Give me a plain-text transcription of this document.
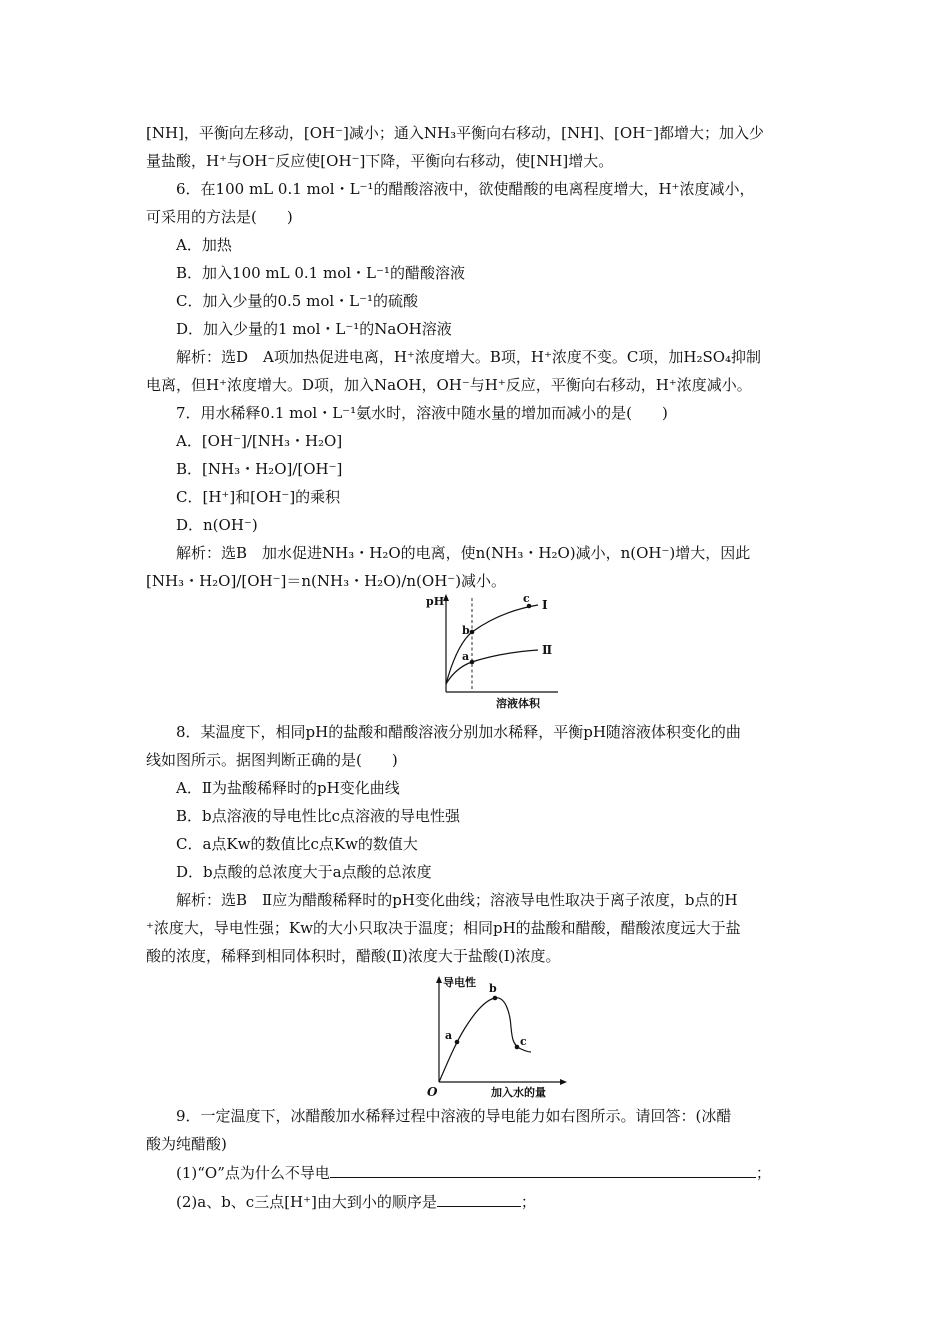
[NH]，平衡向左移动，[OH⁻]减小；通入NH₃平衡向右移动，[NH]、[OH⁻]都增大；加入少
量盐酸，H⁺与OH⁻反应使[OH⁻]下降，平衡向右移动，使[NH]增大。
6．在100 mL 0.1 mol・L⁻¹的醋酸溶液中，欲使醋酸的电离程度增大，H⁺浓度减小，
可采用的方法是(　　)
A．加热
B．加入100 mL 0.1 mol・L⁻¹的醋酸溶液
C．加入少量的0.5 mol・L⁻¹的硫酸
D．加入少量的1 mol・L⁻¹的NaOH溶液
解析：选D　A项加热促进电离，H⁺浓度增大。B项，H⁺浓度不变。C项，加H₂SO₄抑制
电离，但H⁺浓度增大。D项，加入NaOH，OH⁻与H⁺反应，平衡向右移动，H⁺浓度减小。
7．用水稀释0.1 mol・L⁻¹氨水时，溶液中随水量的增加而减小的是(　　)
A．[OH⁻]/[NH₃・H₂O]
B．[NH₃・H₂O]/[OH⁻]
C．[H⁺]和[OH⁻]的乘积
D．n(OH⁻)
解析：选B　加水促进NH₃・H₂O的电离，使n(NH₃・H₂O)减小，n(OH⁻)增大，因此
[NH₃・H₂O]/[OH⁻]＝n(NH₃・H₂O)/n(OH⁻)减小。
pH
溶液体积
Ⅰ
Ⅱ
b
a
c
8．某温度下，相同pH的盐酸和醋酸溶液分别加水稀释，平衡pH随溶液体积变化的曲
线如图所示。据图判断正确的是(　　)
A．Ⅱ为盐酸稀释时的pH变化曲线
B．b点溶液的导电性比c点溶液的导电性强
C．a点Kw的数值比c点Kw的数值大
D．b点酸的总浓度大于a点酸的总浓度
解析：选B　Ⅱ应为醋酸稀释时的pH变化曲线；溶液导电性取决于离子浓度，b点的H
⁺浓度大，导电性强；Kw的大小只取决于温度；相同pH的盐酸和醋酸，醋酸浓度远大于盐
酸的浓度，稀释到相同体积时，醋酸(Ⅱ)浓度大于盐酸(Ⅰ)浓度。
导电性
加入水的量
O
a
b
c
9．一定温度下，冰醋酸加水稀释过程中溶液的导电能力如右图所示。请回答：(冰醋
酸为纯醋酸)
(1)“O”点为什么不导电	；
(2)a、b、c三点[H⁺]由大到小的顺序是	；
